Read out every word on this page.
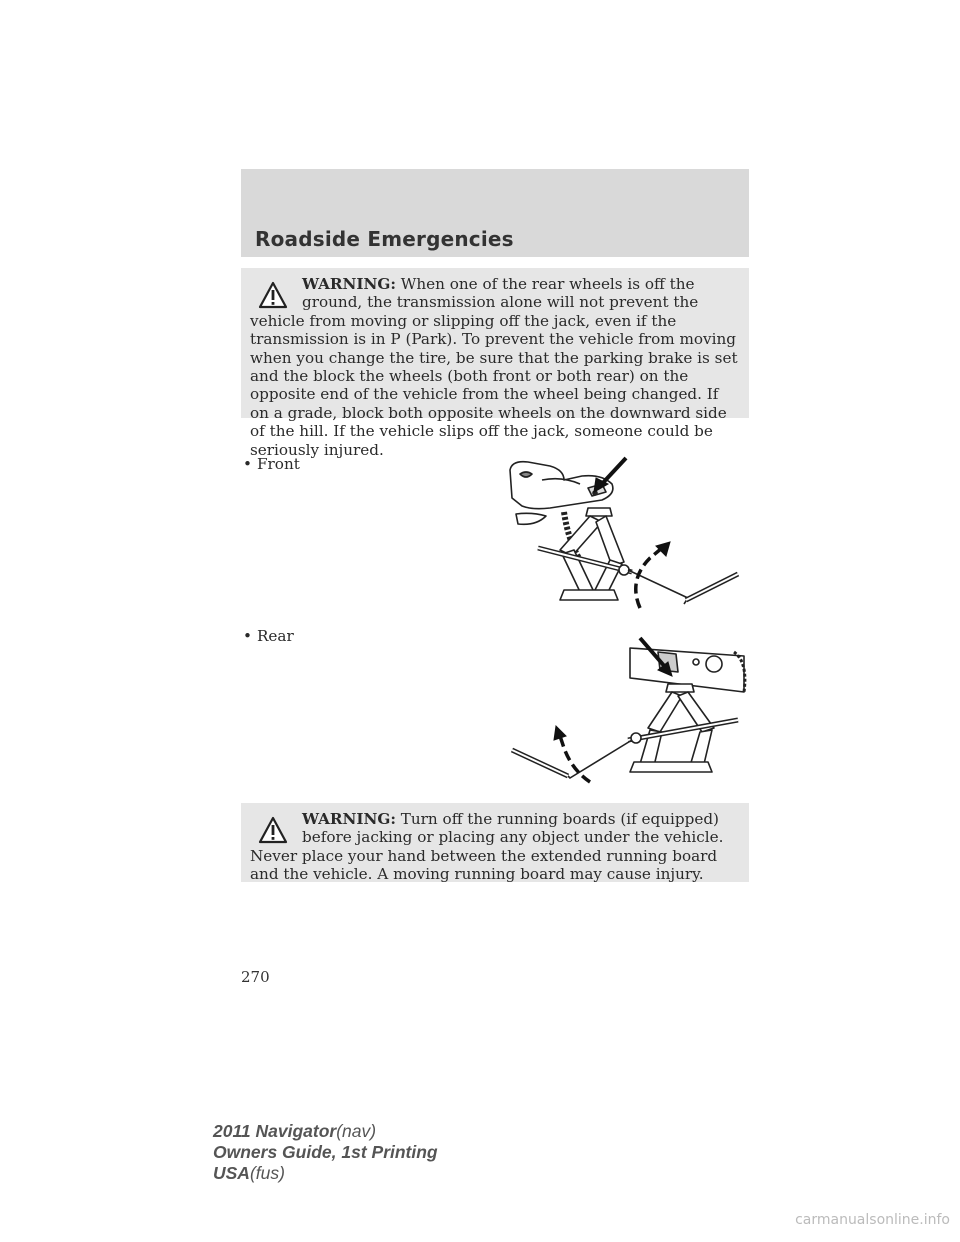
Roadside Emergencies
WARNING: When one of the rear wheels is off the ground, the transmission alone will not prevent the vehicle from moving or slipping off the jack, even if the transmission is in P (Park). To prevent the vehicle from moving when you change the tire, be sure that the parking brake is set and the block the wheels (both front or both rear) on the opposite end of the vehicle from the wheel being changed. If on a grade, block both opposite wheels on the downward side of the hill. If the vehicle slips off the jack, someone could be seriously injured.
• Front
• Rear
WARNING: Turn off the running boards (if equipped) before jacking or placing any object under the vehicle. Never place your hand between the extended running board and the vehicle. A moving running board may cause injury.
270
2011 Navigator(nav)
Owners Guide, 1st Printing
USA(fus)
carmanualsonline.info
